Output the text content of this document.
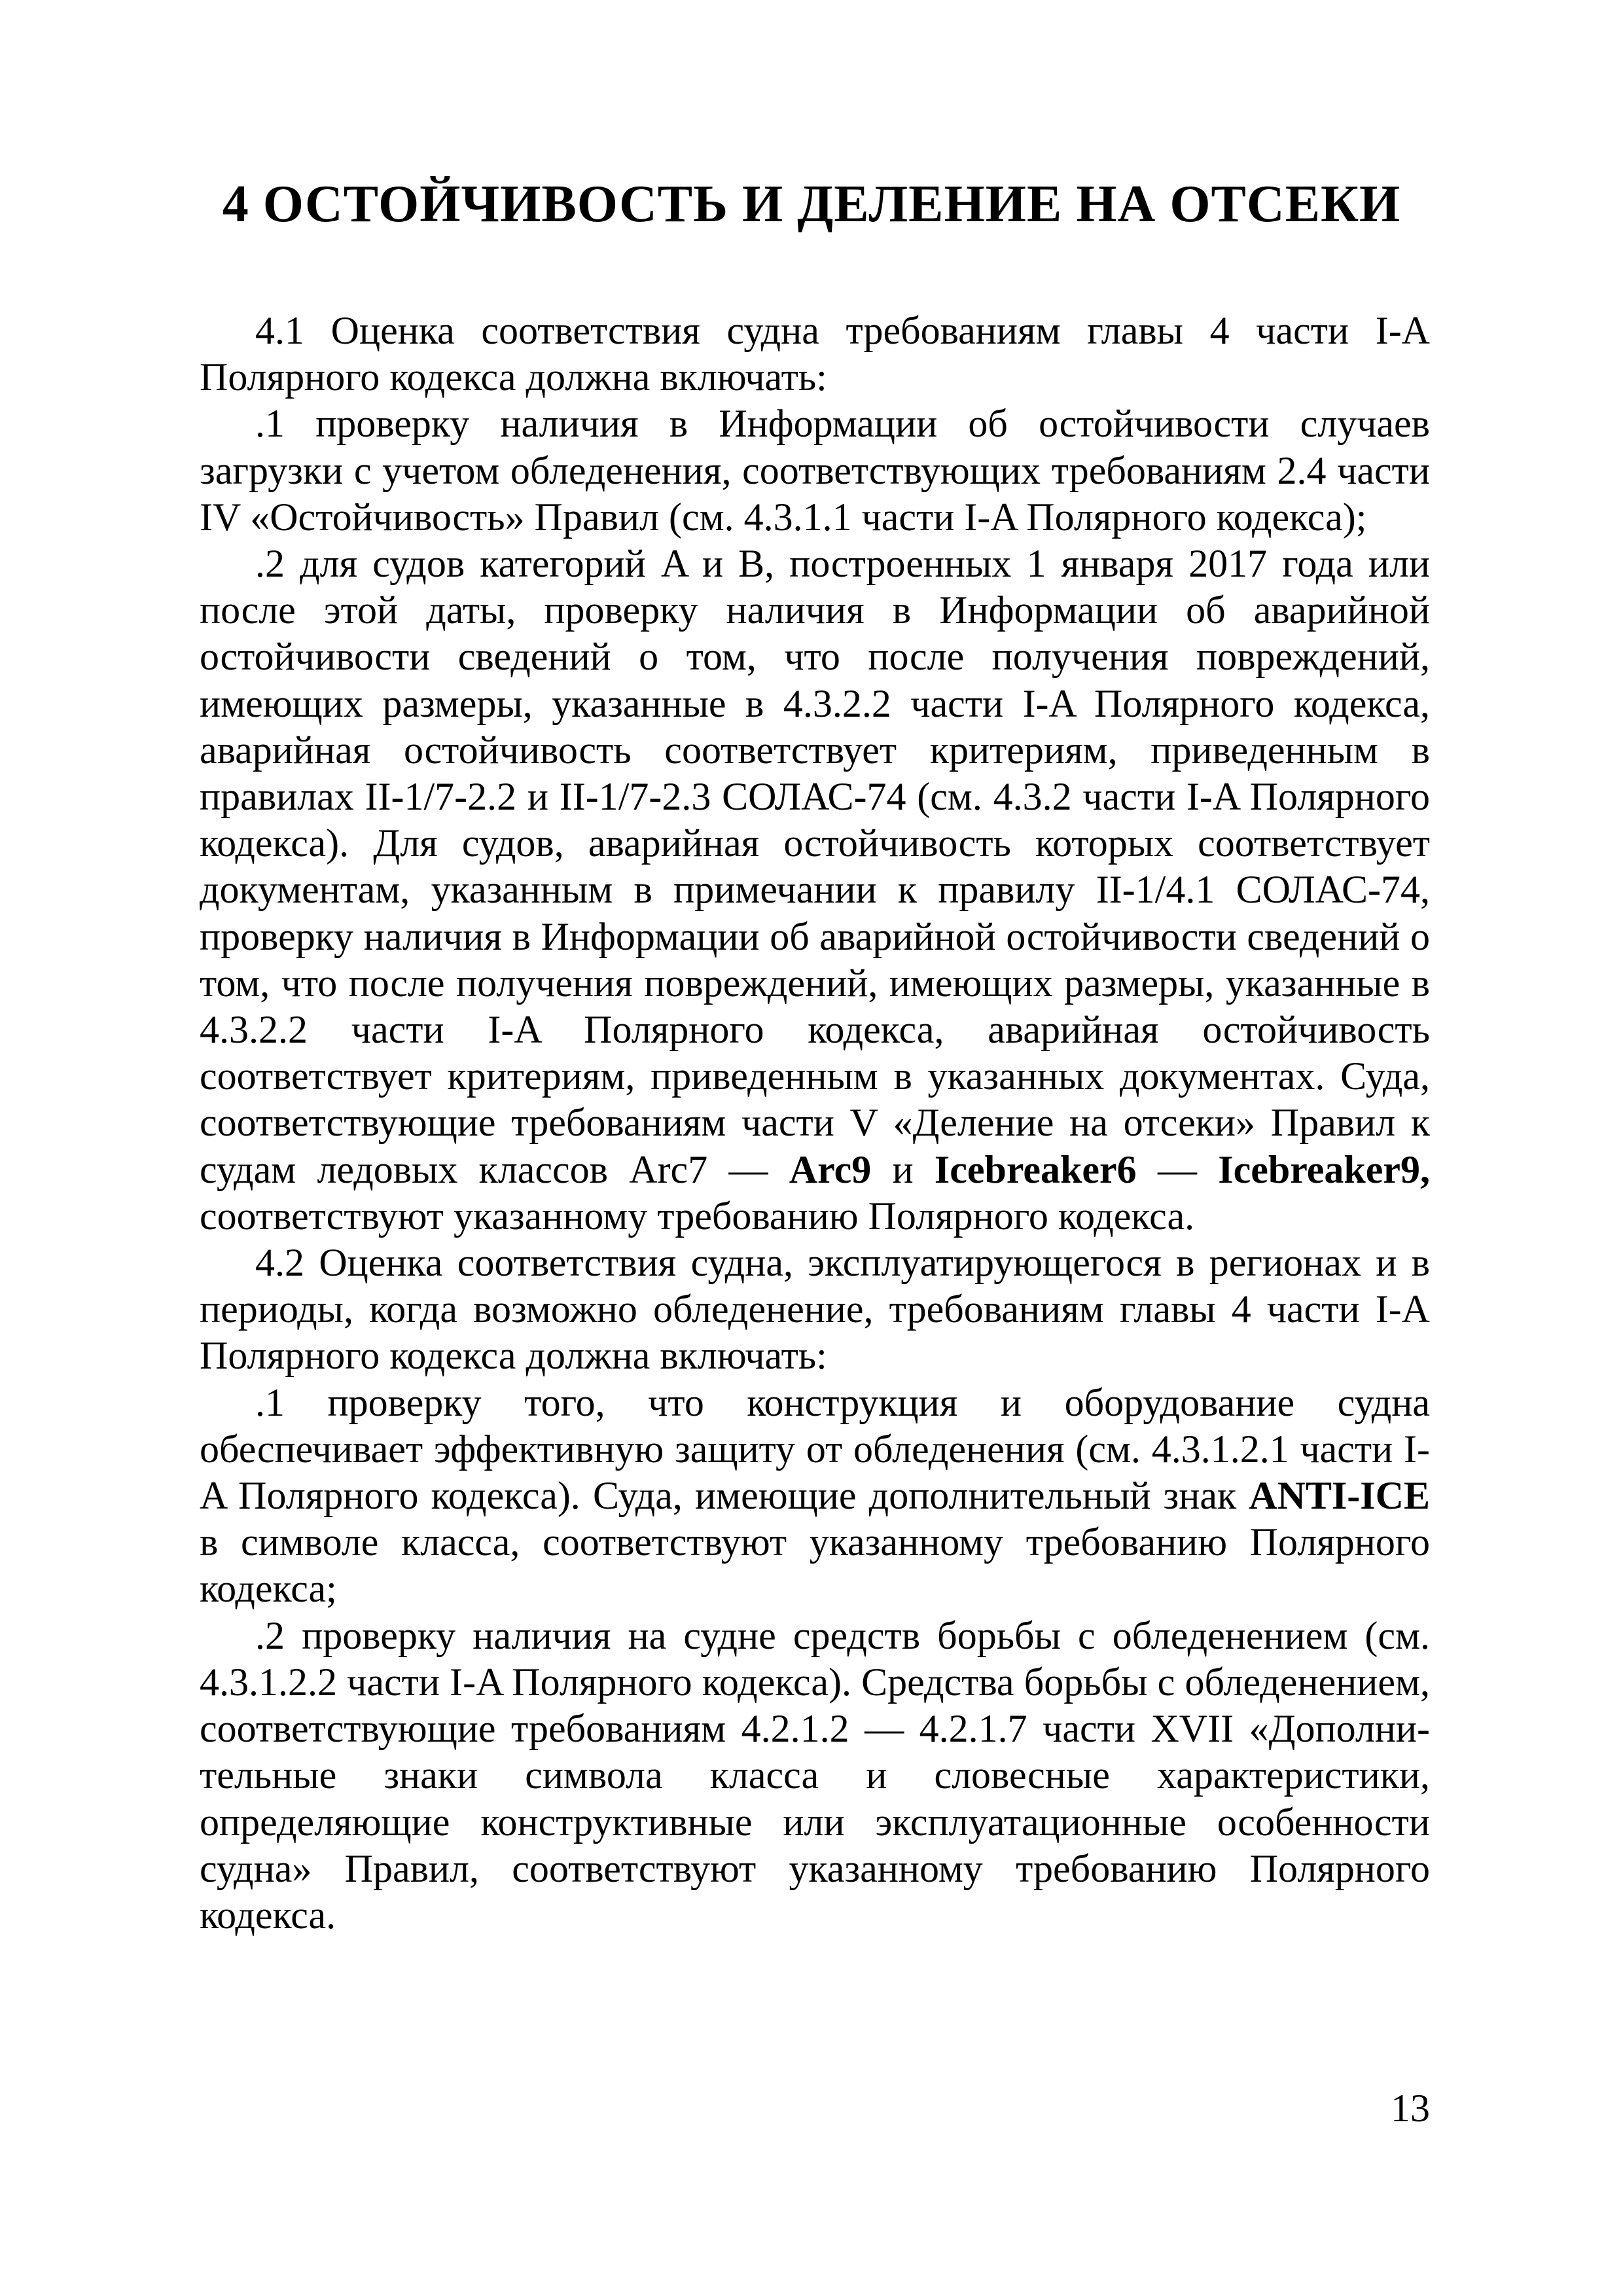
4 ОСТОЙЧИВОСТЬ И ДЕЛЕНИЕ НА ОТСЕКИ

4.1 Оценка соответствия судна требованиям главы 4 части I-A Полярного кодекса должна включать:

.1 проверку наличия в Информации об остойчивости случаев загрузки с учетом обледенения, соответствующих требованиям 2.4 части IV «Остойчивость» Правил (см. 4.3.1.1 части I-A Полярного кодекса);

.2 для судов категорий A и B, построенных 1 января 2017 года или после этой даты, проверку наличия в Информации об аварийной остойчивости сведений о том, что после получения повреждений, имеющих размеры, указанные в 4.3.2.2 части I-A Полярного кодекса, аварийная остойчивость соответствует критериям, приведенным в правилах II-1/7-2.2 и II-1/7-2.3 СОЛАС-74 (см. 4.3.2 части I-A Полярного кодекса). Для судов, аварийная остойчивость которых соответствует документам, указанным в примечании к правилу II-1/4.1 СОЛАС-74, проверку наличия в Информации об аварийной остойчивости сведений о том, что после получения повреждений, имеющих размеры, указанные в 4.3.2.2 части I-A Полярного кодекса, аварийная остойчивость соответствует критериям, приведенным в указанных документах. Суда, соответствующие требованиям части V «Деление на отсеки» Правил к судам ледовых классов Arc7 — Arc9 и Icebreaker6 — Icebreaker9, соответствуют указанному требованию Полярного кодекса.

4.2 Оценка соответствия судна, эксплуатирующегося в регионах и в периоды, когда возможно обледенение, требованиям главы 4 части I-A Полярного кодекса должна включать:

.1 проверку того, что конструкция и оборудование судна обеспечивает эффективную защиту от обледенения (см. 4.3.1.2.1 части I-A Полярного кодекса). Суда, имеющие дополнительный знак ANTI-ICE в символе класса, соответствуют указанному требованию Полярного кодекса;

.2 проверку наличия на судне средств борьбы с обледенением (см. 4.3.1.2.2 части I-A Полярного кодекса). Средства борьбы с обледенением, соответствующие требованиям 4.2.1.2 — 4.2.1.7 части XVII «Дополни-тельные знаки символа класса и словесные характеристики, определяющие конструктивные или эксплуатационные особенности судна» Правил, соответствуют указанному требованию Полярного кодекса.

13
